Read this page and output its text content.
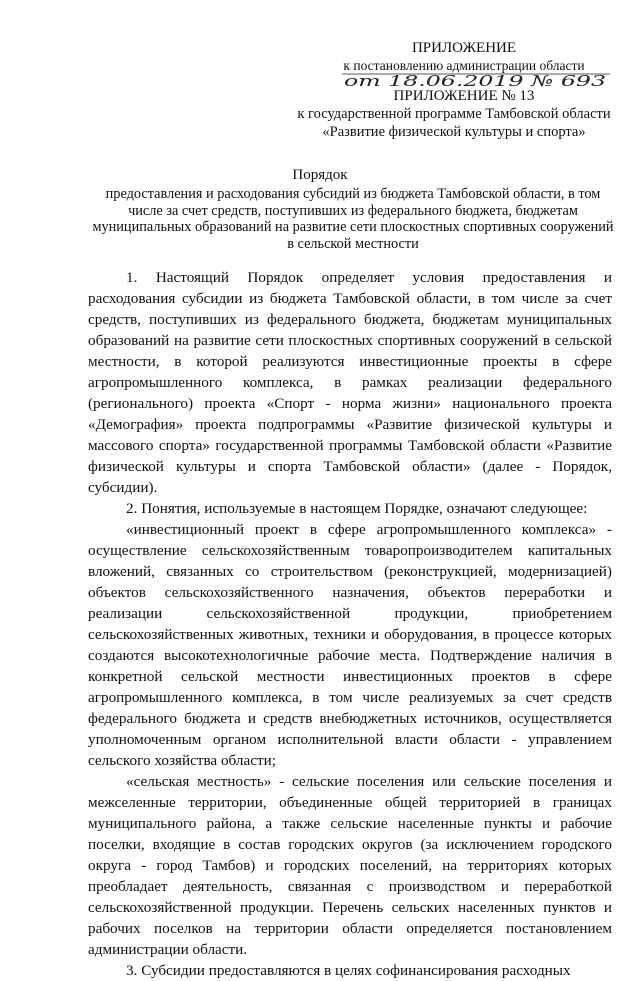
ПРИЛОЖЕНИЕ
к постановлению администрации области
от 18.06.2019 № 693
ПРИЛОЖЕНИЕ № 13
к государственной программе Тамбовской области
«Развитие физической культуры и спорта»
Порядок
предоставления и расходования субсидий из бюджета Тамбовской области, в том числе за счет средств, поступивших из федерального бюджета, бюджетам муниципальных образований на развитие сети плоскостных спортивных сооружений в сельской местности

1. Настоящий Порядок определяет условия предоставления и расходования субсидии из бюджета Тамбовской области, в том числе за счет средств, поступивших из федерального бюджета, бюджетам муниципальных образований на развитие сети плоскостных спортивных сооружений в сельской местности, в которой реализуются инвестиционные проекты в сфере агропромышленного комплекса, в рамках реализации федерального (регионального) проекта «Спорт - норма жизни» национального проекта «Демография» проекта подпрограммы «Развитие физической культуры и массового спорта» государственной программы Тамбовской области «Развитие физической культуры и спорта Тамбовской области» (далее - Порядок, субсидии).

2. Понятия, используемые в настоящем Порядке, означают следующее:

«инвестиционный проект в сфере агропромышленного комплекса» - осуществление сельскохозяйственным товаропроизводителем капитальных вложений, связанных со строительством (реконструкцией, модернизацией) объектов сельскохозяйственного назначения, объектов переработки и реализации сельскохозяйственной продукции, приобретением сельскохозяйственных животных, техники и оборудования, в процессе которых создаются высокотехнологичные рабочие места. Подтверждение наличия в конкретной сельской местности инвестиционных проектов в сфере агропромышленного комплекса, в том числе реализуемых за счет средств федерального бюджета и средств внебюджетных источников, осуществляется уполномоченным органом исполнительной власти области - управлением сельского хозяйства области;

«сельская местность» - сельские поселения или сельские поселения и межселенные территории, объединенные общей территорией в границах муниципального района, а также сельские населенные пункты и рабочие поселки, входящие в состав городских округов (за исключением городского округа - город Тамбов) и городских поселений, на территориях которых преобладает деятельность, связанная с производством и переработкой сельскохозяйственной продукции. Перечень сельских населенных пунктов и рабочих поселков на территории области определяется постановлением администрации области.

3. Субсидии предоставляются в целях софинансирования расходных
